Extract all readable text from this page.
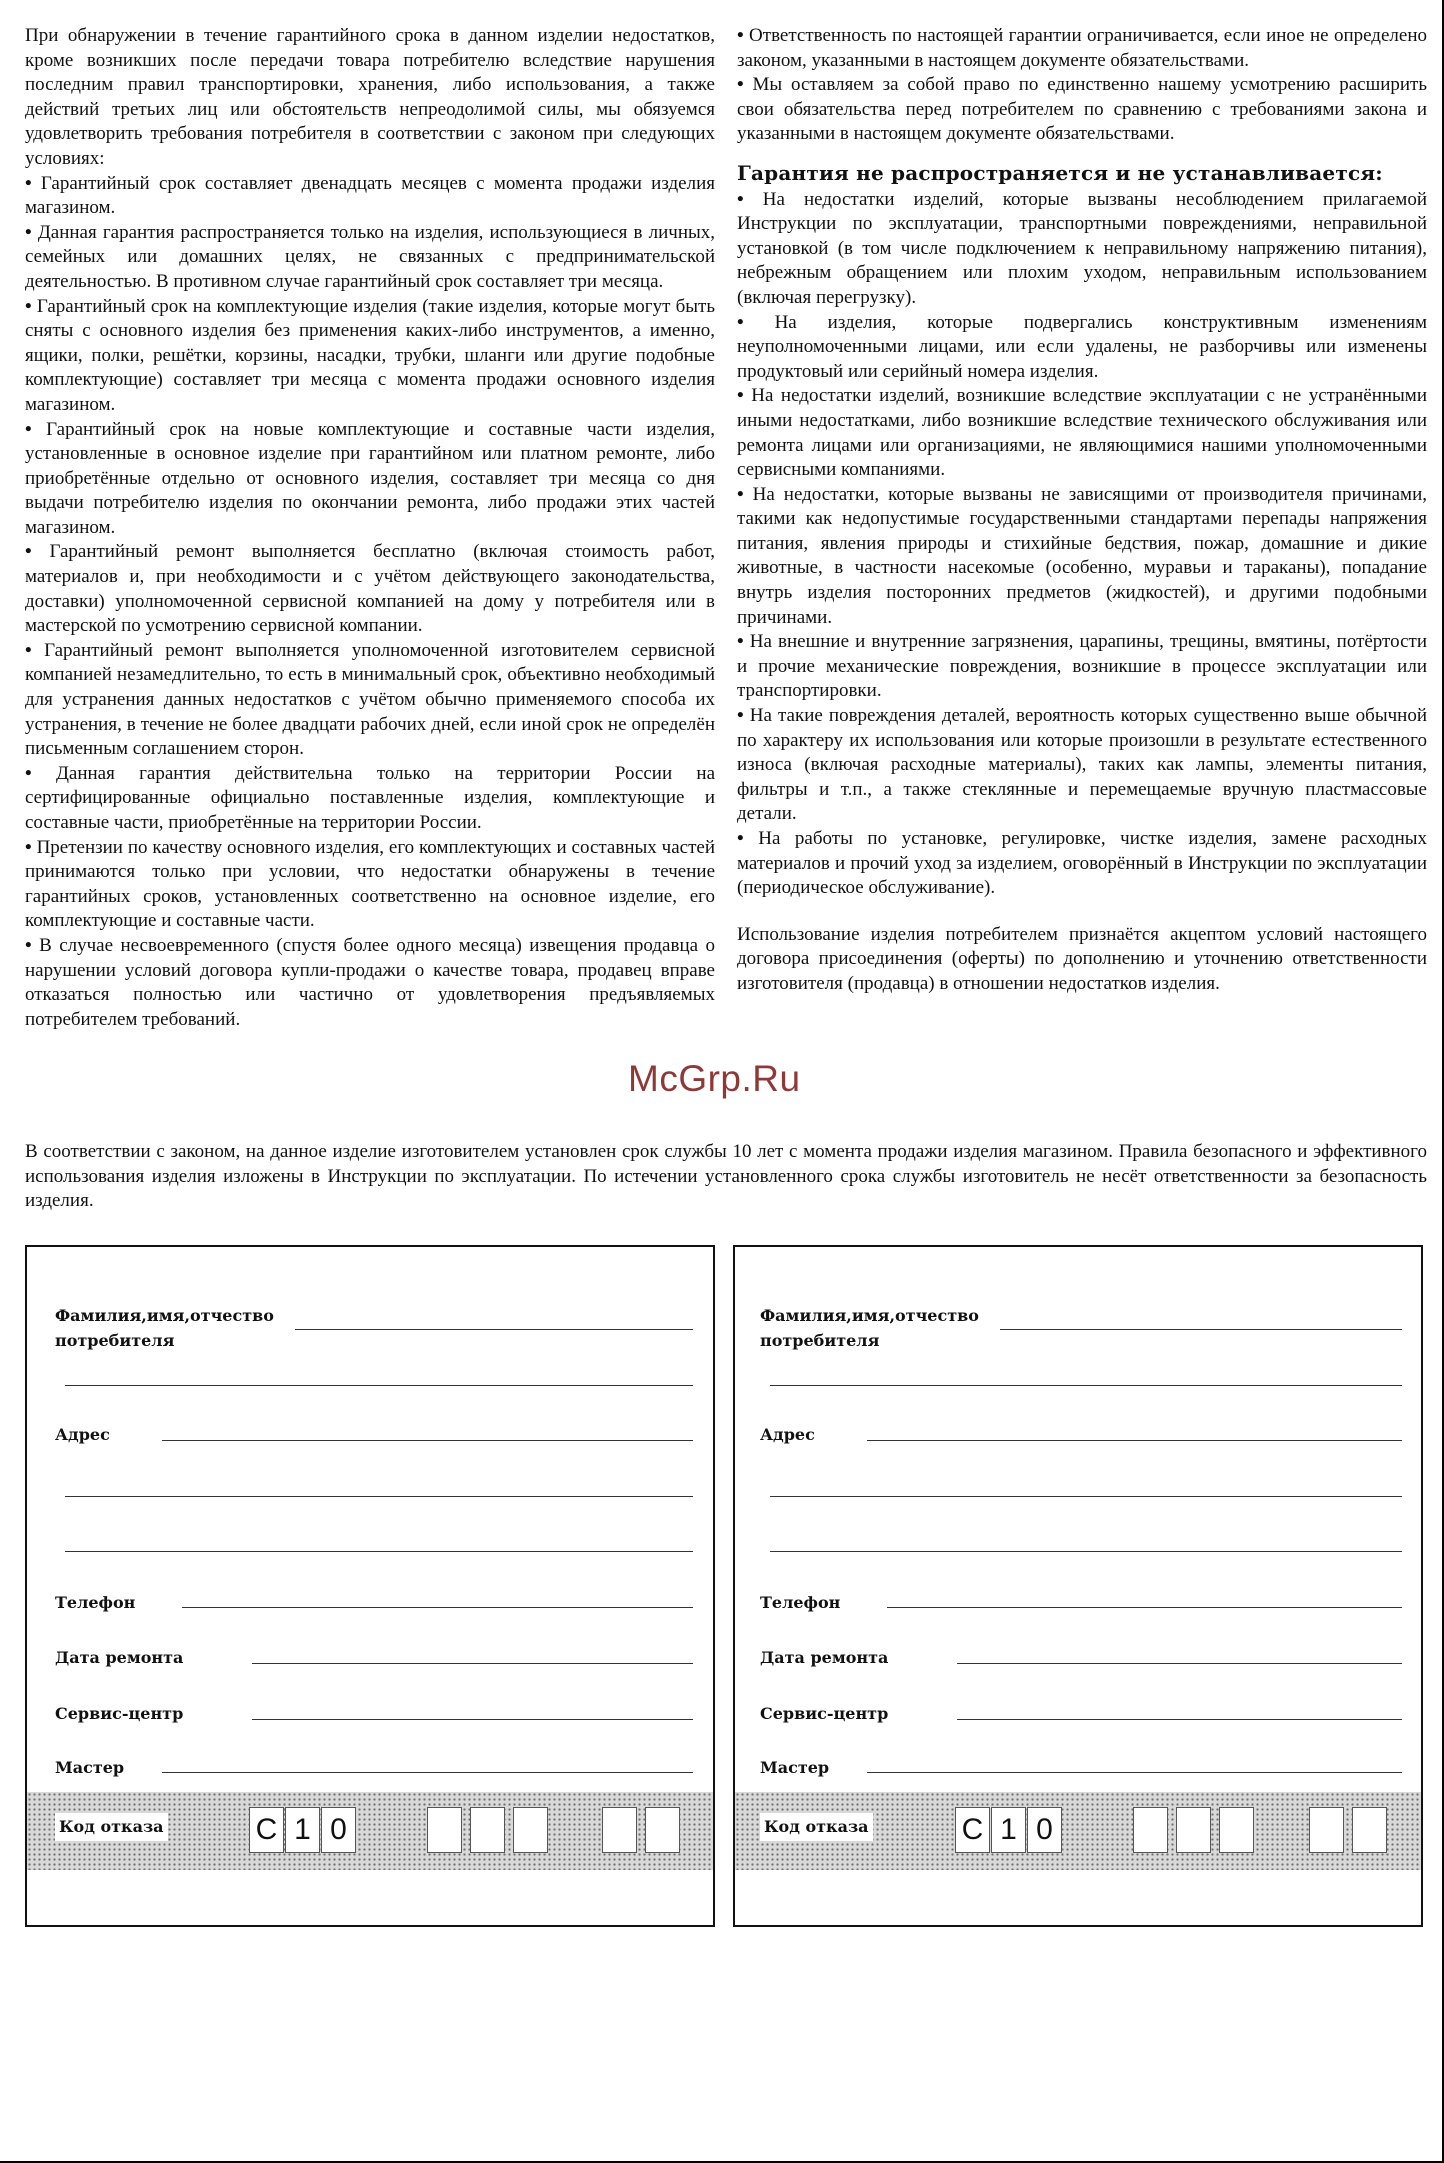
При обнаружении в течение гарантийного срока в данном изделии недостатков, кроме возникших после передачи товара потребителю вследствие нарушения последним правил транспортировки, хранения, либо использования, а также действий третьих лиц или обстоятельств непреодолимой силы, мы обязуемся удовлетворить требования потребителя в соответствии с законом при следующих условиях:

• Гарантийный срок составляет двенадцать месяцев с момента продажи изделия магазином.

• Данная гарантия распространяется только на изделия, использующиеся в личных, семейных или домашних целях, не связанных с предпринимательской деятельностью. В противном случае гарантийный срок составляет три месяца.

• Гарантийный срок на комплектующие изделия (такие изделия, которые могут быть сняты с основного изделия без применения каких-либо инструментов, а именно, ящики, полки, решётки, корзины, насадки, трубки, шланги или другие подобные комплектующие) составляет три месяца с момента продажи основного изделия магазином.

• Гарантийный срок на новые комплектующие и составные части изделия, установленные в основное изделие при гарантийном или платном ремонте, либо приобретённые отдельно от основного изделия, составляет три месяца со дня выдачи потребителю изделия по окончании ремонта, либо продажи этих частей магазином.

• Гарантийный ремонт выполняется бесплатно (включая стоимость работ, материалов и, при необходимости и с учётом действующего законодательства, доставки) уполномоченной сервисной компанией на дому у потребителя или в мастерской по усмотрению сервисной компании.

• Гарантийный ремонт выполняется уполномоченной изготовителем сервисной компанией незамедлительно, то есть в минимальный срок, объективно необходимый для устранения данных недостатков с учётом обычно применяемого способа их устранения, в течение не более двадцати рабочих дней, если иной срок не определён письменным соглашением сторон.

• Данная гарантия действительна только на территории России на сертифицированные официально поставленные изделия, комплектующие и составные части, приобретённые на территории России.

• Претензии по качеству основного изделия, его комплектующих и составных частей принимаются только при условии, что недостатки обнаружены в течение гарантийных сроков, установленных соответственно на основное изделие, его комплектующие и составные части.

• В случае несвоевременного (спустя более одного месяца) извещения продавца о нарушении условий договора купли-продажи о качестве товара, продавец вправе отказаться полностью или частично от удовлетворения предъявляемых потребителем требований.

• Ответственность по настоящей гарантии ограничивается, если иное не определено законом, указанными в настоящем документе обязательствами.

• Мы оставляем за собой право по единственно нашему усмотрению расширить свои обязательства перед потребителем по сравнению с требованиями закона и указанными в настоящем документе обязательствами.

Гарантия не распространяется и не устанавливается:

• На недостатки изделий, которые вызваны несоблюдением прилагаемой Инструкции по эксплуатации, транспортными повреждениями, неправильной установкой (в том числе подключением к неправильному напряжению питания), небрежным обращением или плохим уходом, неправильным использованием (включая перегрузку).

• На изделия, которые подвергались конструктивным изменениям неуполномоченными лицами, или если удалены, не разборчивы или изменены продуктовый или серийный номера изделия.

• На недостатки изделий, возникшие вследствие эксплуатации с не устранёнными иными недостатками, либо возникшие вследствие технического обслуживания или ремонта лицами или организациями, не являющимися нашими уполномоченными сервисными компаниями.

• На недостатки, которые вызваны не зависящими от производителя причинами, такими как недопустимые государственными стандартами перепады напряжения питания, явления природы и стихийные бедствия, пожар, домашние и дикие животные, в частности насекомые (особенно, муравьи и тараканы), попадание внутрь изделия посторонних предметов (жидкостей), и другими подобными причинами.

• На внешние и внутренние загрязнения, царапины, трещины, вмятины, потёртости и прочие механические повреждения, возникшие в процессе эксплуатации или транспортировки.

• На такие повреждения деталей, вероятность которых существенно выше обычной по характеру их использования или которые произошли в результате естественного износа (включая расходные материалы), таких как лампы, элементы питания, фильтры и т.п., а также стеклянные и перемещаемые вручную пластмассовые детали.

• На работы по установке, регулировке, чистке изделия, замене расходных материалов и прочий уход за изделием, оговорённый в Инструкции по эксплуатации (периодическое обслуживание).

Использование изделия потребителем признаётся акцептом условий настоящего договора присоединения (оферты) по дополнению и уточнению ответственности изготовителя (продавца) в отношении недостатков изделия.

McGrp.Ru

В соответствии с законом, на данное изделие изготовителем установлен срок службы 10 лет с момента продажи изделия магазином. Правила безопасного и эффективного использования изделия изложены в Инструкции по эксплуатации. По истечении установленного срока службы изготовитель не несёт ответственности за безопасность изделия.

Фамилия,имя,отчество
потребителя
Адрес
Телефон
Дата ремонта
Сервис-центр
Мастер
Код отказа	C 1 0
Фамилия,имя,отчество
потребителя
Адрес
Телефон
Дата ремонта
Сервис-центр
Мастер
Код отказа	C 1 0
